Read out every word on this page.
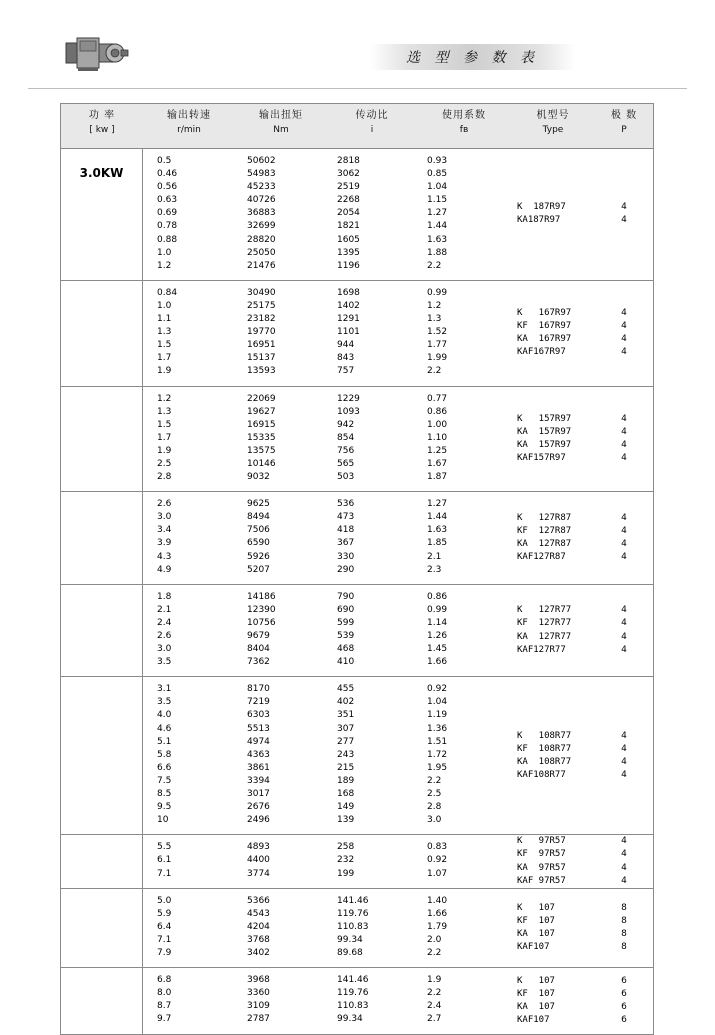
选 型 参 数 表
功 率
[ kw ]
输出转速
r/min
输出扭矩
Nm
传动比
i
使用系数
fʙ
机型号
Type
极 数
P
3.0KW
0.5
0.46
0.56
0.63
0.69
0.78
0.88
1.0
1.2
50602
54983
45233
40726
36883
32699
28820
25050
21476
2818
3062
2519
2268
2054
1821
1605
1395
1196
0.93
0.85
1.04
1.15
1.27
1.44
1.63
1.88
2.2
K  187R97
KA187R97
4
4
0.84
1.0
1.1
1.3
1.5
1.7
1.9
30490
25175
23182
19770
16951
15137
13593
1698
1402
1291
1101
944
843
757
0.99
1.2
1.3
1.52
1.77
1.99
2.2
K   167R97
KF  167R97
KA  167R97
KAF167R97
4
4
4
4
1.2
1.3
1.5
1.7
1.9
2.5
2.8
22069
19627
16915
15335
13575
10146
9032
1229
1093
942
854
756
565
503
0.77
0.86
1.00
1.10
1.25
1.67
1.87
K   157R97
KA  157R97
KA  157R97
KAF157R97
4
4
4
4
2.6
3.0
3.4
3.9
4.3
4.9
9625
8494
7506
6590
5926
5207
536
473
418
367
330
290
1.27
1.44
1.63
1.85
2.1
2.3
K   127R87
KF  127R87
KA  127R87
KAF127R87
4
4
4
4
1.8
2.1
2.4
2.6
3.0
3.5
14186
12390
10756
9679
8404
7362
790
690
599
539
468
410
0.86
0.99
1.14
1.26
1.45
1.66
K   127R77
KF  127R77
KA  127R77
KAF127R77
4
4
4
4
3.1
3.5
4.0
4.6
5.1
5.8
6.6
7.5
8.5
9.5
10
8170
7219
6303
5513
4974
4363
3861
3394
3017
2676
2496
455
402
351
307
277
243
215
189
168
149
139
0.92
1.04
1.19
1.36
1.51
1.72
1.95
2.2
2.5
2.8
3.0
K   108R77
KF  108R77
KA  108R77
KAF108R77
4
4
4
4
5.5
6.1
7.1
4893
4400
3774
258
232
199
0.83
0.92
1.07
K   97R57
KF  97R57
KA  97R57
KAF 97R57
4
4
4
4
5.0
5.9
6.4
7.1
7.9
5366
4543
4204
3768
3402
141.46
119.76
110.83
99.34
89.68
1.40
1.66
1.79
2.0
2.2
K   107
KF  107
KA  107
KAF107
8
8
8
8
6.8
8.0
8.7
9.7
3968
3360
3109
2787
141.46
119.76
110.83
99.34
1.9
2.2
2.4
2.7
K   107
KF  107
KA  107
KAF107
6
6
6
6
